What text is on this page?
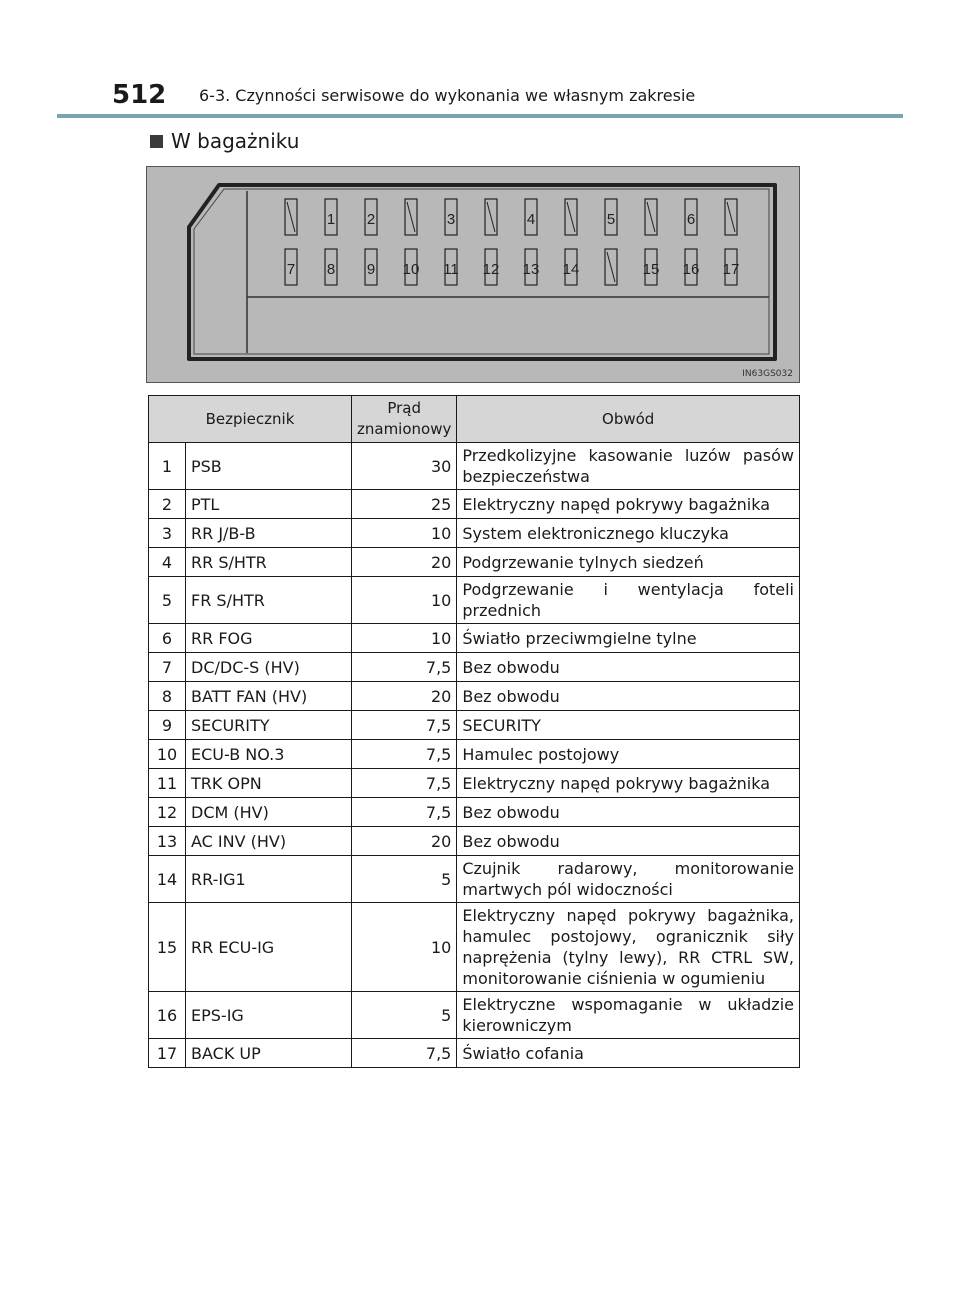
512 6-3. Czynności serwisowe do wykonania we własnym zakresie
W bagażniku
1 2	3	4	5	6
7 8 9 10 11 12 13 14	15 16 17
IN63GS032
Bezpiecznik		Prąd znamionowy	Obwód
1	PSB	30	Przedkolizyjne kasowanie luzów pasów bezpieczeństwa
2	PTL	25	Elektryczny napęd pokrywy bagażnika
3	RR J/B-B	10	System elektronicznego kluczyka
4	RR S/HTR	20	Podgrzewanie tylnych siedzeń
5	FR S/HTR	10	Podgrzewanie i wentylacja foteli przednich
6	RR FOG	10	Światło przeciwmgielne tylne
7	DC/DC-S (HV)	7,5	Bez obwodu
8	BATT FAN (HV)	20	Bez obwodu
9	SECURITY	7,5	SECURITY
10	ECU-B NO.3	7,5	Hamulec postojowy
11	TRK OPN	7,5	Elektryczny napęd pokrywy bagażnika
12	DCM (HV)	7,5	Bez obwodu
13	AC INV (HV)	20	Bez obwodu
14	RR-IG1	5	Czujnik radarowy, monitorowanie martwych pól widoczności
15	RR ECU-IG	10	Elektryczny napęd pokrywy bagażnika, hamulec postojowy, ogranicznik siły naprężenia (tylny lewy), RR CTRL SW, monitorowanie ciśnienia w ogumieniu
16	EPS-IG	5	Elektryczne wspomaganie w układzie kierowniczym
17	BACK UP	7,5	Światło cofania
